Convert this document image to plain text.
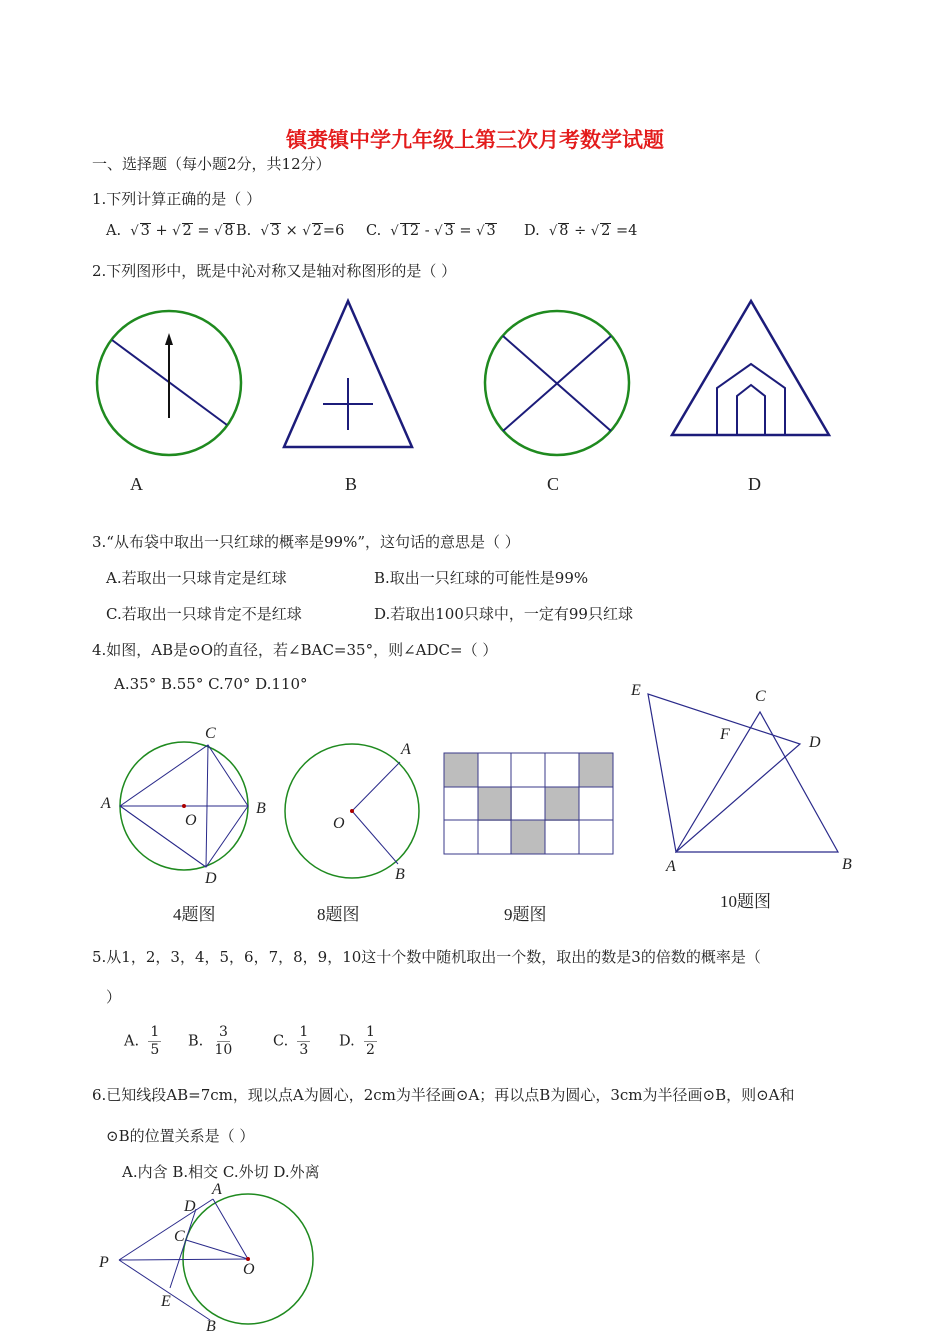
镇赉镇中学九年级上第三次月考数学试题
一、选择题（每小题2分，共12分）
1.下列计算正确的是（ ）
A. √ 3 + √ 2 = √ 8 B. √ 3 × √ 2=6 C. √ 12 - √ 3 = √ 3 D. √ 8 ÷ √ 2 =4
2.下列图形中，既是中沁对称又是轴对称图形的是（ ）
A	B	C	D
3.“从布袋中取出一只红球的概率是99%”，这句话的意思是（ ）
A.若取出一只球肯定是红球	B.取出一只红球的可能性是99%
C.若取出一只球肯定不是红球	D.若取出100只球中，一定有99只红球
4.如图，AB是⊙O的直径，若∠BAC=35°，则∠ADC=（ ）
A.35° B.55° C.70° D.110°
C
A	B
O
D
4题图
A
O
B
8题图	9题图
E	C
F	D
A	B
10题图
5.从1，2，3，4，5，6，7，8，9，10这十个数中随机取出一个数，取出的数是3的倍数的概率是（
）
A. $\frac{1}{5} B$. $\frac{3}{10}$	C. $\frac{1}{3} D$. $\frac{1}{2}$
6.已知线段AB=7cm，现以点A为圆心，2cm为半径画⊙A；再以点B为圆心，3cm为半径画⊙B，则⊙A和
⊙B的位置关系是（ ）
A.内含 B.相交 C.外切 D.外离
A
D
C
P	O
E
B
